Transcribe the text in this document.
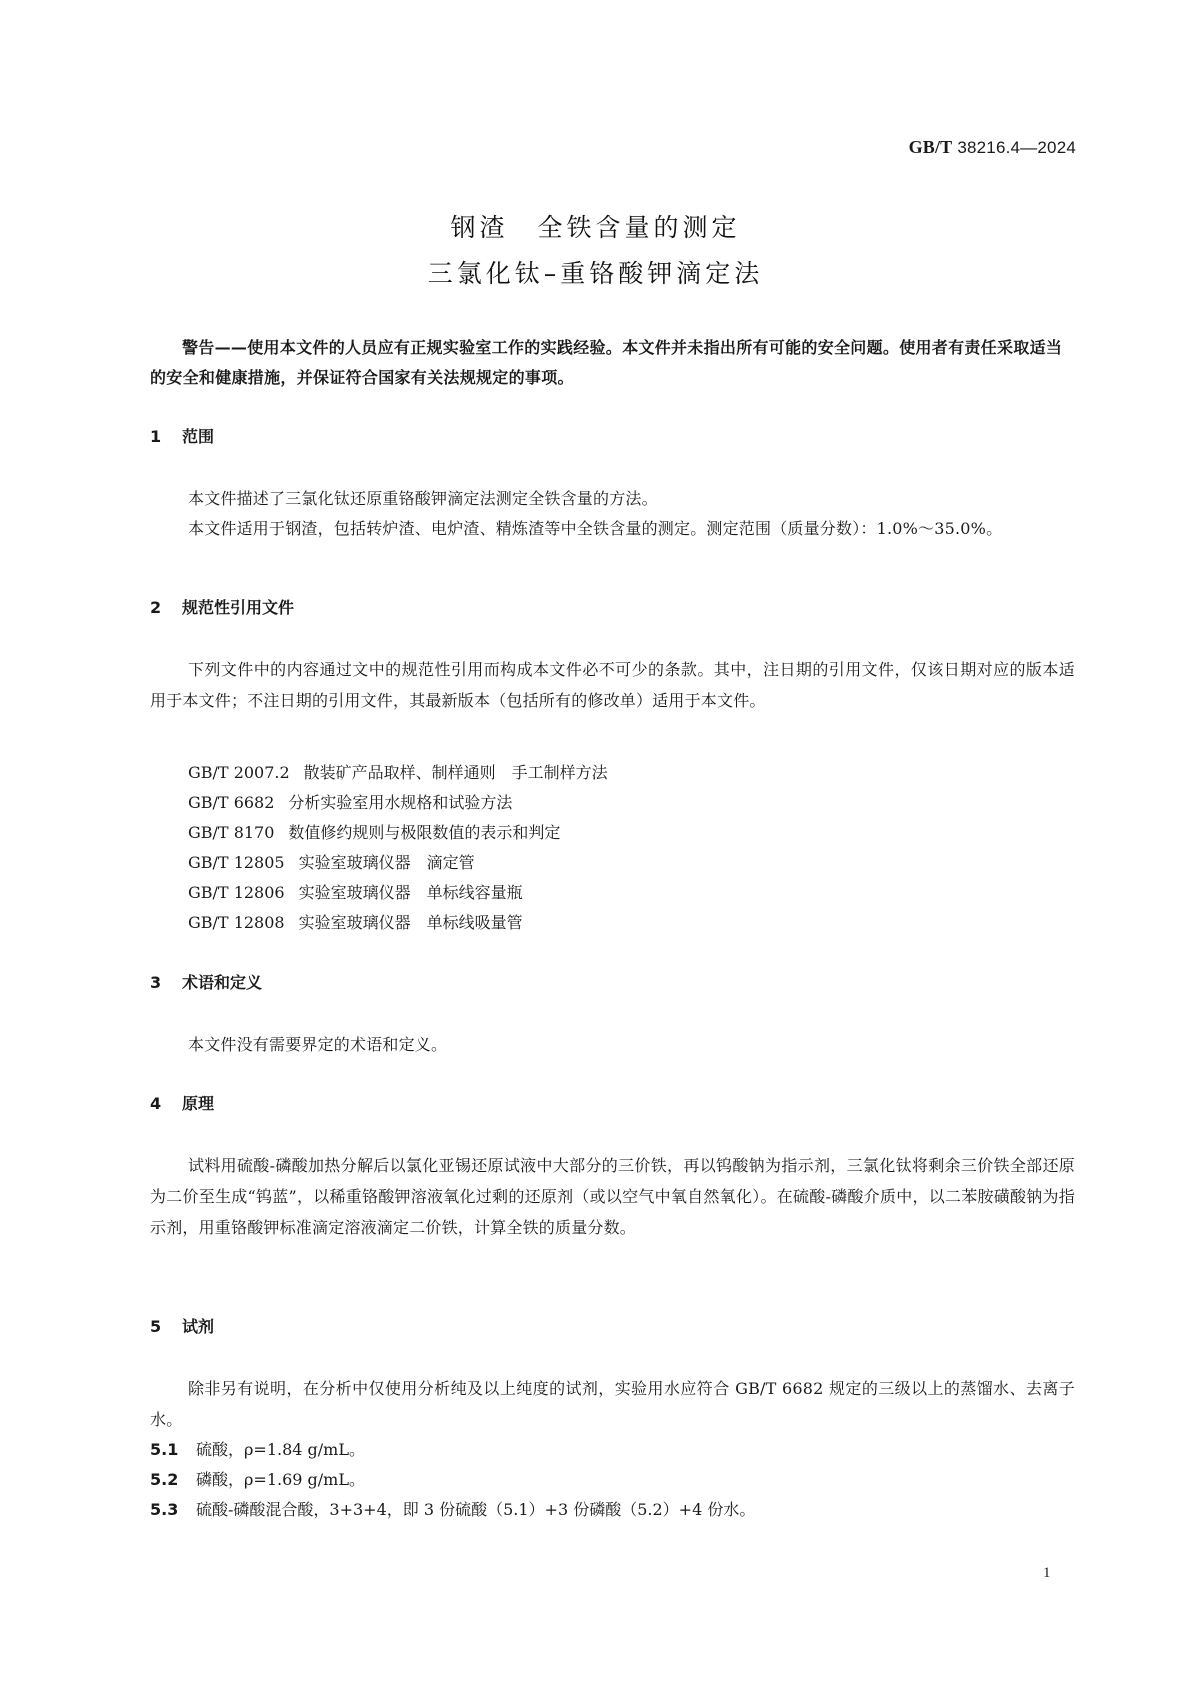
GB/T 38216.4—2024
钢渣　全铁含量的测定
三氯化钛–重铬酸钾滴定法
警告——使用本文件的人员应有正规实验室工作的实践经验。本文件并未指出所有可能的安全问题。使用者有责任采取适当的安全和健康措施，并保证符合国家有关法规规定的事项。
1 范围
本文件描述了三氯化钛还原重铬酸钾滴定法测定全铁含量的方法。
本文件适用于钢渣，包括转炉渣、电炉渣、精炼渣等中全铁含量的测定。测定范围（质量分数）：1.0%～35.0%。
2 规范性引用文件
下列文件中的内容通过文中的规范性引用而构成本文件必不可少的条款。其中，注日期的引用文件，仅该日期对应的版本适用于本文件；不注日期的引用文件，其最新版本（包括所有的修改单）适用于本文件。
GB/T 2007.2 散装矿产品取样、制样通则　手工制样方法
GB/T 6682 分析实验室用水规格和试验方法
GB/T 8170 数值修约规则与极限数值的表示和判定
GB/T 12805 实验室玻璃仪器　滴定管
GB/T 12806 实验室玻璃仪器　单标线容量瓶
GB/T 12808 实验室玻璃仪器　单标线吸量管
3 术语和定义
本文件没有需要界定的术语和定义。
4 原理
试料用硫酸-磷酸加热分解后以氯化亚锡还原试液中大部分的三价铁，再以钨酸钠为指示剂，三氯化钛将剩余三价铁全部还原为二价至生成“钨蓝”，以稀重铬酸钾溶液氧化过剩的还原剂（或以空气中氧自然氧化）。在硫酸-磷酸介质中，以二苯胺磺酸钠为指示剂，用重铬酸钾标准滴定溶液滴定二价铁，计算全铁的质量分数。
5 试剂
除非另有说明，在分析中仅使用分析纯及以上纯度的试剂，实验用水应符合 GB/T 6682 规定的三级以上的蒸馏水、去离子水。
5.1 硫酸，ρ=1.84 g/mL。
5.2 磷酸，ρ=1.69 g/mL。
5.3 硫酸-磷酸混合酸，3+3+4，即 3 份硫酸（5.1）+3 份磷酸（5.2）+4 份水。
1
